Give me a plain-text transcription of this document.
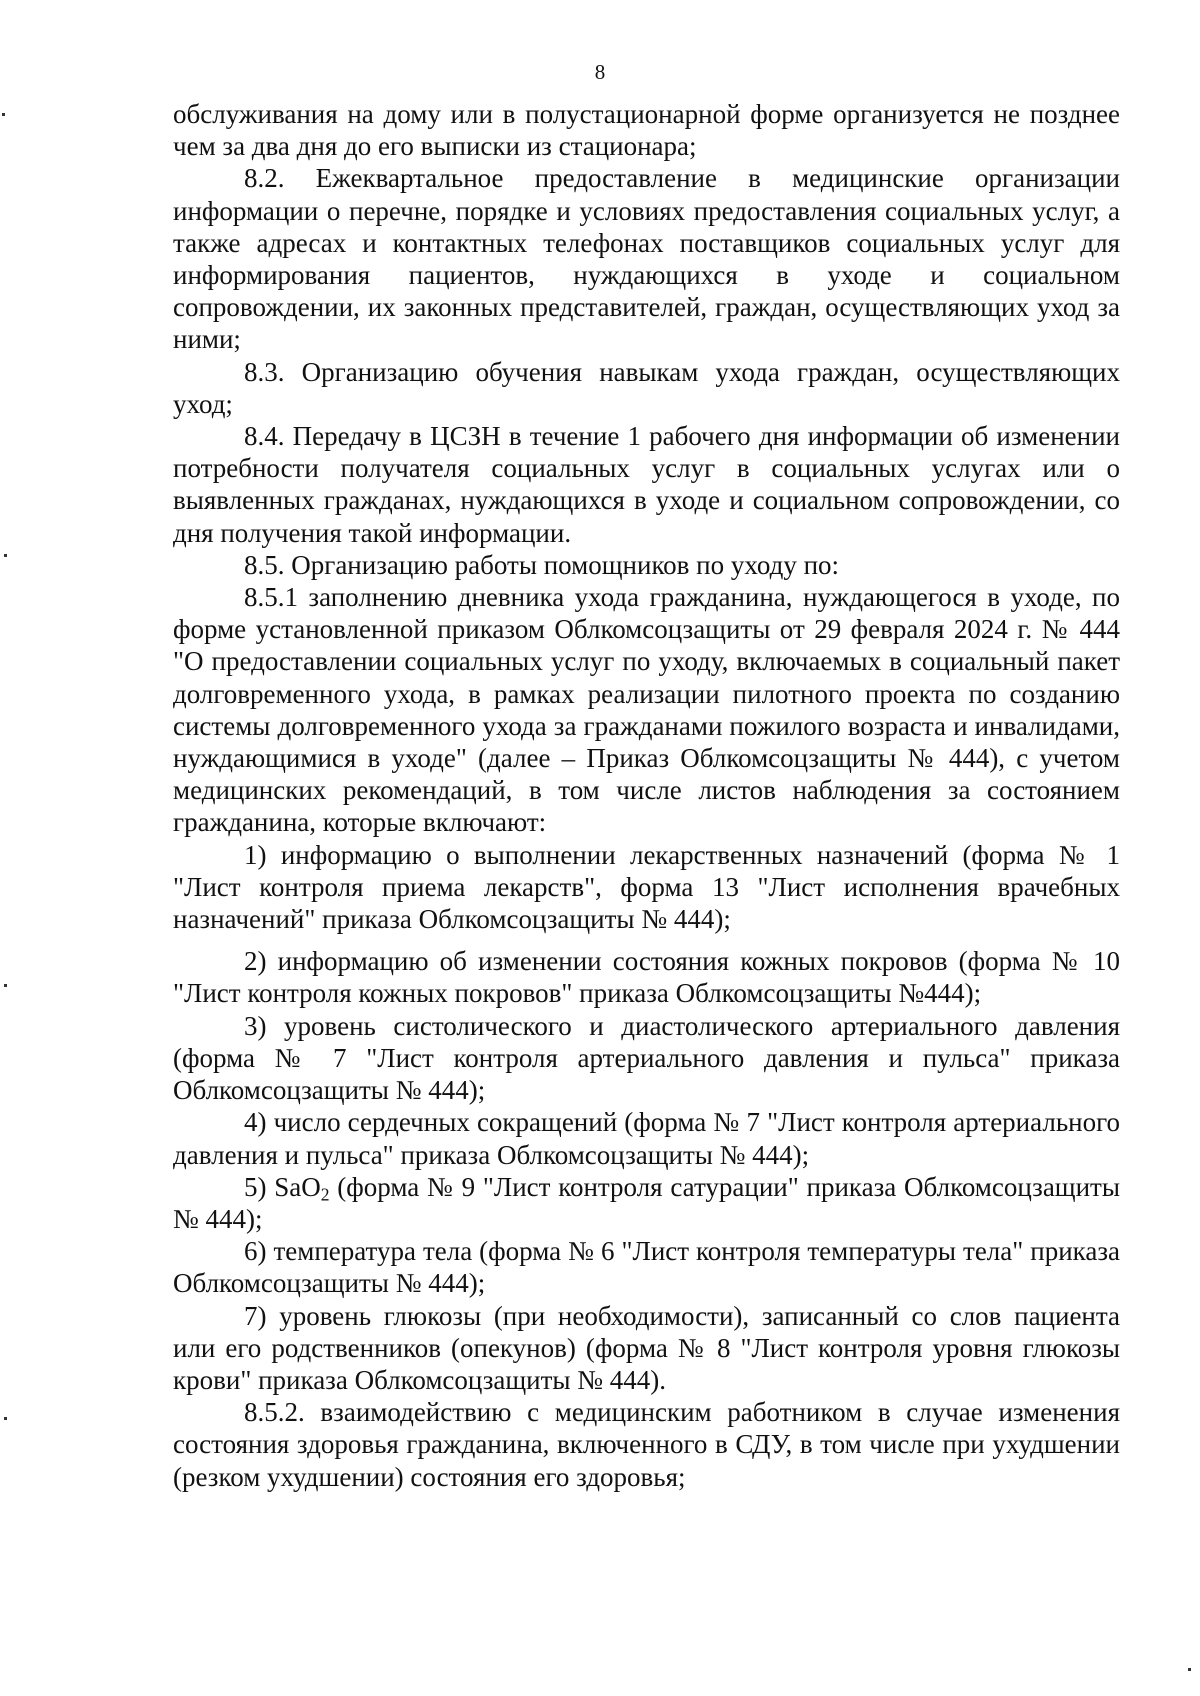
8

обслуживания на дому или в полустационарной форме организуется не позднее чем за два дня до его выписки из стационара;

8.2. Ежеквартальное предоставление в медицинские организации информации о перечне, порядке и условиях предоставления социальных услуг, а также адресах и контактных телефонах поставщиков социальных услуг для информирования пациентов, нуждающихся в уходе и социальном сопровождении, их законных представителей, граждан, осуществляющих уход за ними;

8.3. Организацию обучения навыкам ухода граждан, осуществляющих уход;

8.4. Передачу в ЦСЗН в течение 1 рабочего дня информации об изменении потребности получателя социальных услуг в социальных услугах или о выявленных гражданах, нуждающихся в уходе и социальном сопровождении, со дня получения такой информации.

8.5. Организацию работы помощников по уходу по:

8.5.1 заполнению дневника ухода гражданина, нуждающегося в уходе, по форме установленной приказом Облкомсоцзащиты от 29 февраля 2024 г. № 444 "О предоставлении социальных услуг по уходу, включаемых в социальный пакет долговременного ухода, в рамках реализации пилотного проекта по созданию системы долговременного ухода за гражданами пожилого возраста и инвалидами, нуждающимися в уходе" (далее – Приказ Облкомсоцзащиты № 444), с учетом медицинских рекомендаций, в том числе листов наблюдения за состоянием гражданина, которые включают:

1) информацию о выполнении лекарственных назначений (форма № 1 "Лист контроля приема лекарств", форма 13 "Лист исполнения врачебных назначений" приказа Облкомсоцзащиты № 444);

2) информацию об изменении состояния кожных покровов (форма № 10 "Лист контроля кожных покровов" приказа Облкомсоцзащиты №444);

3) уровень систолического и диастолического артериального давления (форма № 7 "Лист контроля артериального давления и пульса" приказа Облкомсоцзащиты № 444);

4) число сердечных сокращений (форма № 7 "Лист контроля артериального давления и пульса" приказа Облкомсоцзащиты № 444);

5) SaO$_2$ (форма № 9 "Лист контроля сатурации" приказа Облкомсоцзащиты № 444);

6) температура тела (форма № 6 "Лист контроля температуры тела" приказа Облкомсоцзащиты № 444);

7) уровень глюкозы (при необходимости), записанный со слов пациента или его родственников (опекунов) (форма № 8 "Лист контроля уровня глюкозы крови" приказа Облкомсоцзащиты № 444).

8.5.2. взаимодействию с медицинским работником в случае изменения состояния здоровья гражданина, включенного в СДУ, в том числе при ухудшении (резком ухудшении) состояния его здоровья;
